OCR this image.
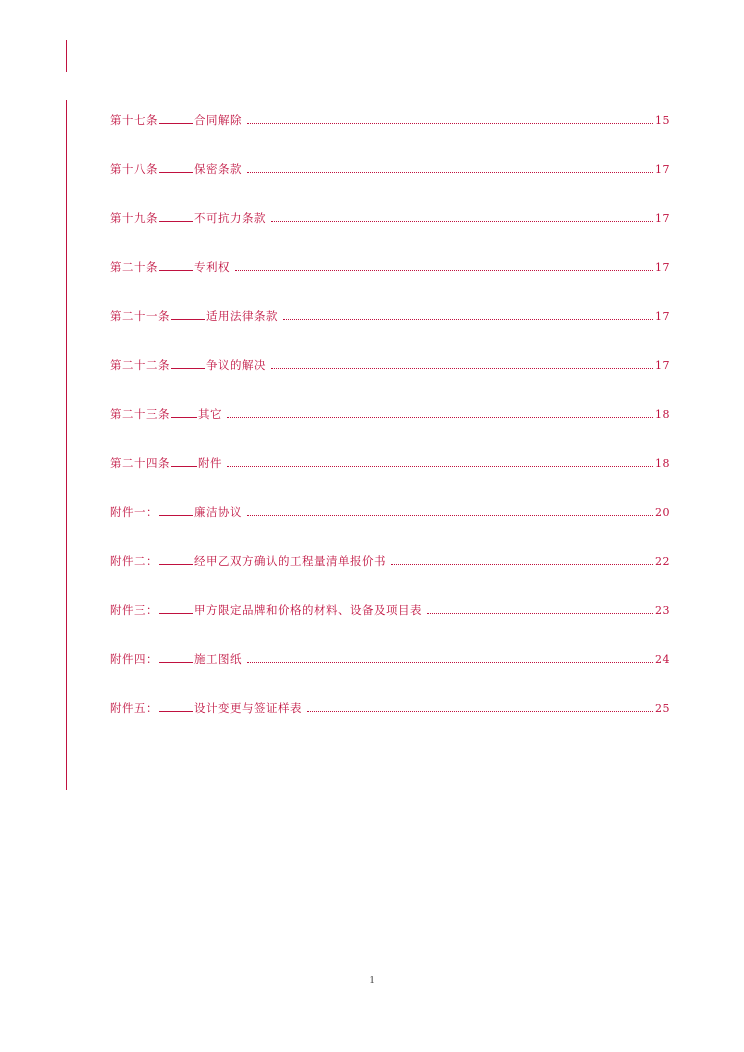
第十七条	合同解除	15
第十八条	保密条款	17
第十九条	不可抗力条款	17
第二十条	专利权	17
第二十一条	适用法律条款	17
第二十二条	争议的解决	17
第二十三条 其它	18
第二十四条 附件	18
附件一：	廉洁协议	20
附件二：	经甲乙双方确认的工程量清单报价书	22
附件三：	甲方限定品牌和价格的材料、设备及项目表	23
附件四：	施工图纸	24
附件五：	设计变更与签证样表	25
1
